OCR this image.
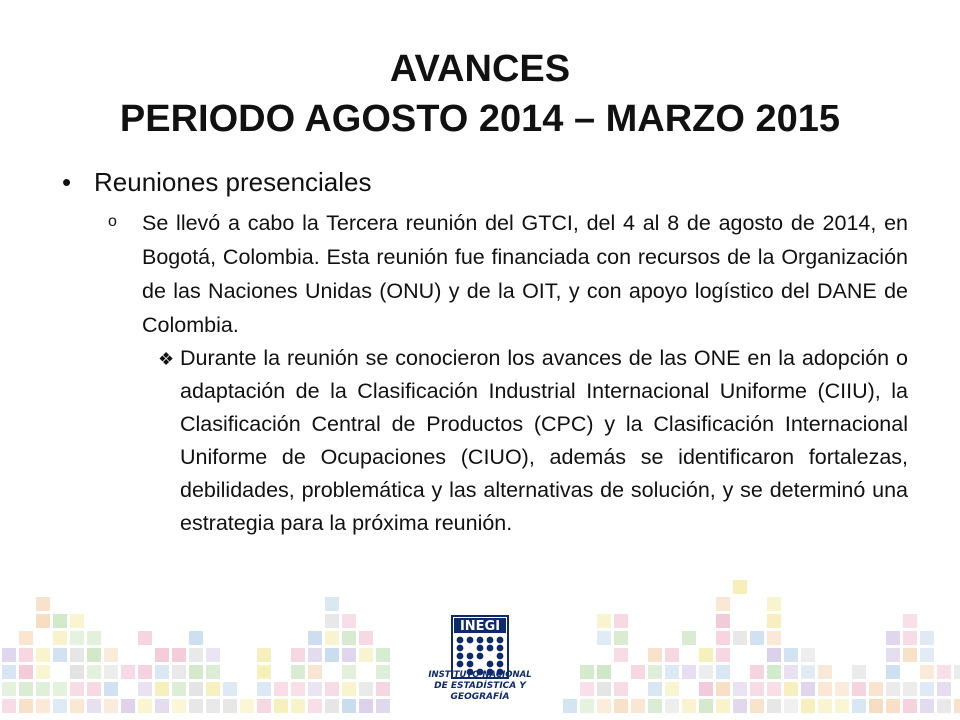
AVANCES
PERIODO AGOSTO 2014 – MARZO 2015
• Reuniones presenciales
o Se llevó a cabo la Tercera reunión del GTCI, del 4 al 8 de agosto de 2014, en Bogotá, Colombia. Esta reunión fue financiada con recursos de la Organización de las Naciones Unidas (ONU) y de la OIT, y con apoyo logístico del DANE de Colombia.
❖ Durante la reunión se conocieron los avances de las ONE en la adopción o adaptación de la Clasificación Industrial Internacional Uniforme (CIIU), la Clasificación Central de Productos (CPC) y la Clasificación Internacional Uniforme de Ocupaciones (CIUO), además se identificaron fortalezas, debilidades, problemática y las alternativas de solución, y se determinó una estrategia para la próxima reunión.
INEGI
INSTITUTO NACIONAL
DE ESTADÍSTICA Y GEOGRAFÍA
